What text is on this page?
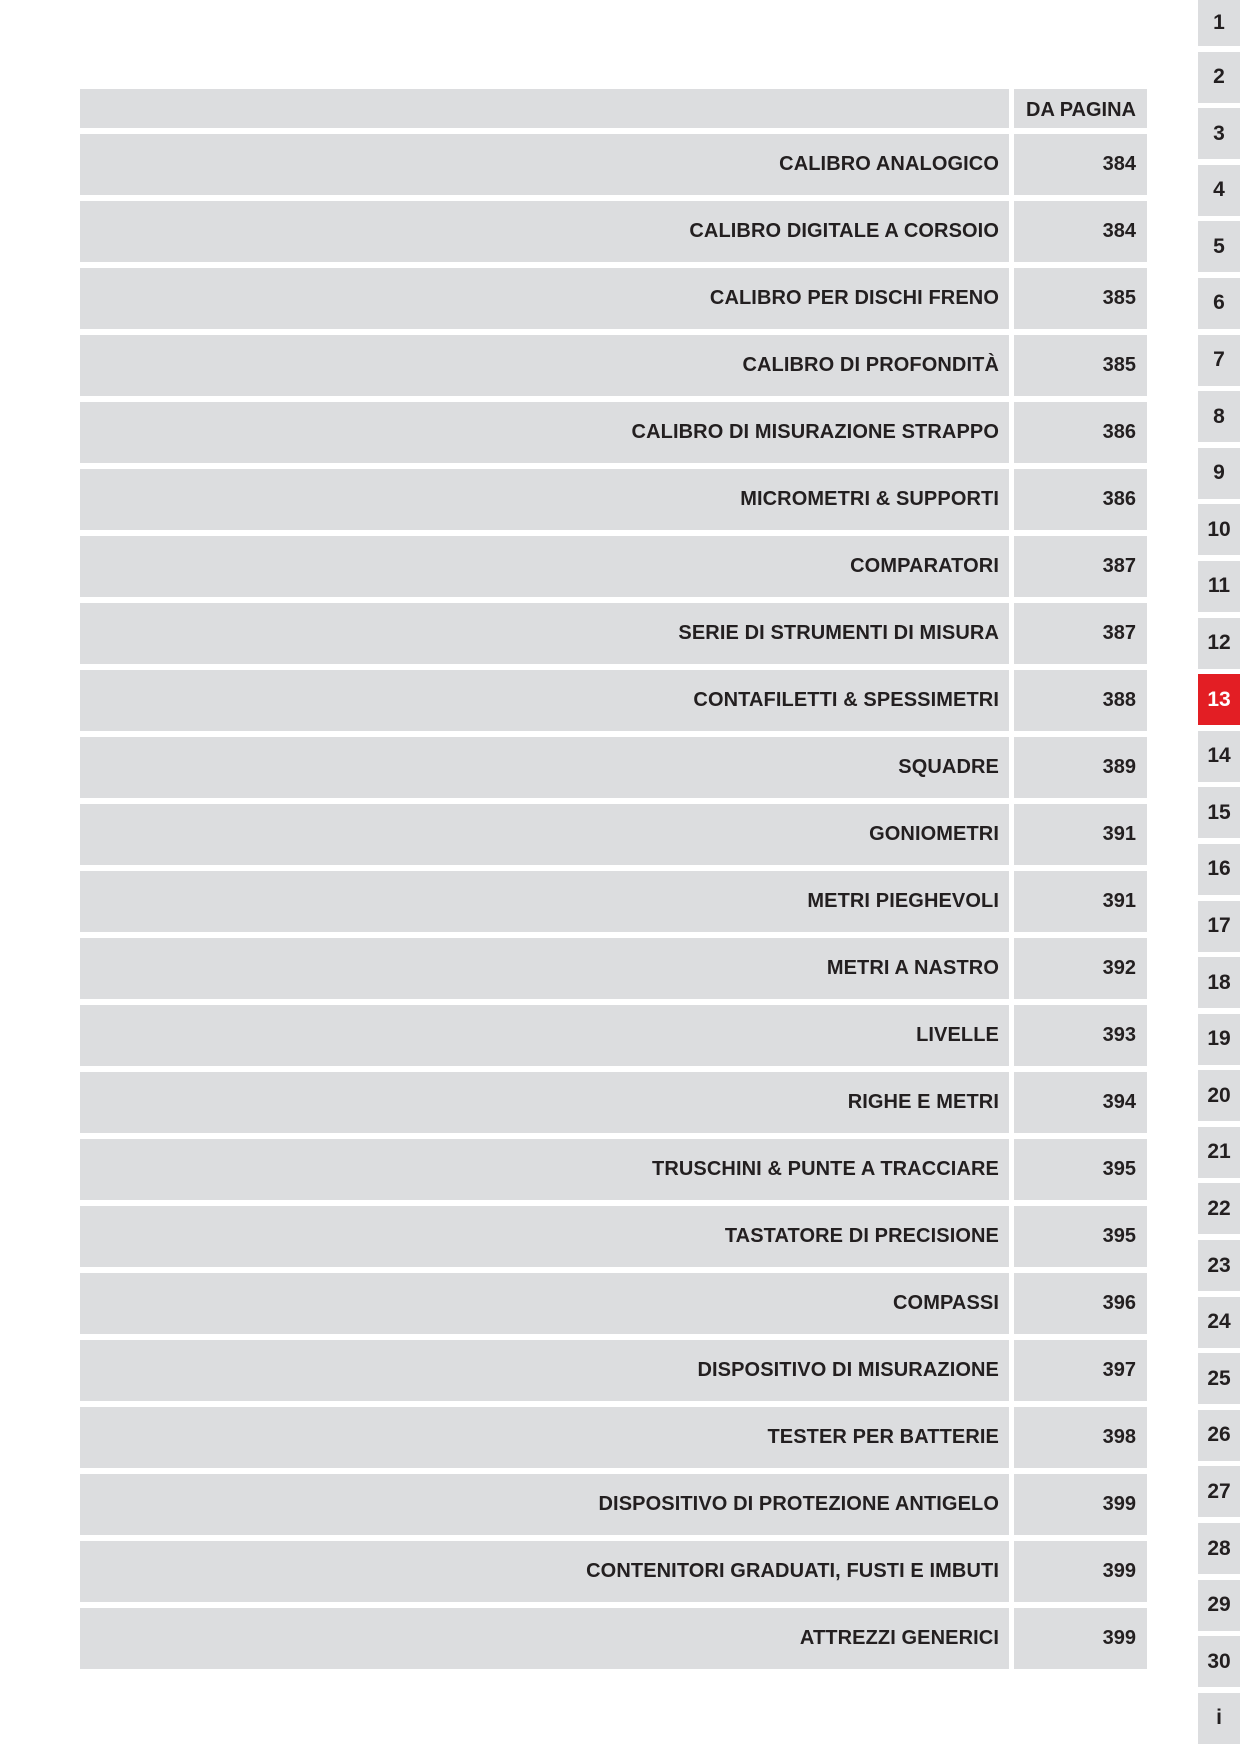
DA PAGINA
CALIBRO ANALOGICO	384
CALIBRO DIGITALE A CORSOIO	384
CALIBRO PER DISCHI FRENO	385
CALIBRO DI PROFONDITÀ	385
CALIBRO DI MISURAZIONE STRAPPO	386
MICROMETRI & SUPPORTI	386
COMPARATORI	387
SERIE DI STRUMENTI DI MISURA	387
CONTAFILETTI & SPESSIMETRI	388
SQUADRE	389
GONIOMETRI	391
METRI PIEGHEVOLI	391
METRI A NASTRO	392
LIVELLE	393
RIGHE E METRI	394
TRUSCHINI & PUNTE A TRACCIARE	395
TASTATORE DI PRECISIONE	395
COMPASSI	396
DISPOSITIVO DI MISURAZIONE	397
TESTER PER BATTERIE	398
DISPOSITIVO DI PROTEZIONE ANTIGELO	399
CONTENITORI GRADUATI, FUSTI E IMBUTI	399
ATTREZZI GENERICI	399
1
2
3
4
5
6
7
8
9
10
11
12
13
14
15
16
17
18
19
20
21
22
23
24
25
26
27
28
29
30
i
